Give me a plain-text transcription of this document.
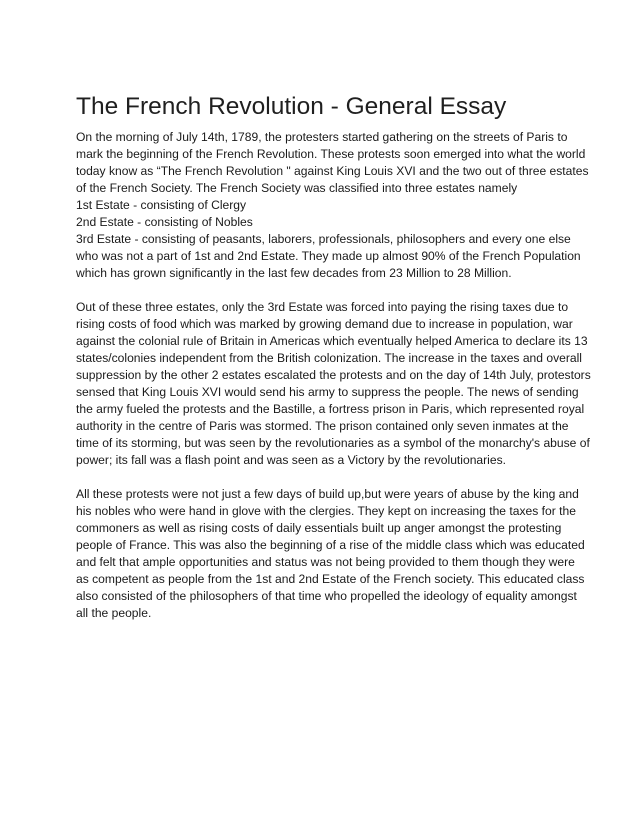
The French Revolution - General Essay

On the morning of July 14th, 1789, the protesters started gathering on the streets of Paris to
mark the beginning of the French Revolution. These protests soon emerged into what the world
today know as “The French Revolution " against King Louis XVI and the two out of three estates
of the French Society. The French Society was classified into three estates namely
1st Estate - consisting of Clergy
2nd Estate - consisting of Nobles
3rd Estate - consisting of peasants, laborers, professionals, philosophers and every one else
who was not a part of 1st and 2nd Estate. They made up almost 90% of the French Population
which has grown significantly in the last few decades from 23 Million to 28 Million.

Out of these three estates, only the 3rd Estate was forced into paying the rising taxes due to
rising costs of food which was marked by growing demand due to increase in population, war
against the colonial rule of Britain in Americas which eventually helped America to declare its 13
states/colonies independent from the British colonization. The increase in the taxes and overall
suppression by the other 2 estates escalated the protests and on the day of 14th July, protestors
sensed that King Louis XVI would send his army to suppress the people. The news of sending
the army fueled the protests and the Bastille, a fortress prison in Paris, which represented royal
authority in the centre of Paris was stormed. The prison contained only seven inmates at the
time of its storming, but was seen by the revolutionaries as a symbol of the monarchy's abuse of
power; its fall was a flash point and was seen as a Victory by the revolutionaries.

All these protests were not just a few days of build up,but were years of abuse by the king and
his nobles who were hand in glove with the clergies. They kept on increasing the taxes for the
commoners as well as rising costs of daily essentials built up anger amongst the protesting
people of France. This was also the beginning of a rise of the middle class which was educated
and felt that ample opportunities and status was not being provided to them though they were
as competent as people from the 1st and 2nd Estate of the French society. This educated class
also consisted of the philosophers of that time who propelled the ideology of equality amongst
all the people.
